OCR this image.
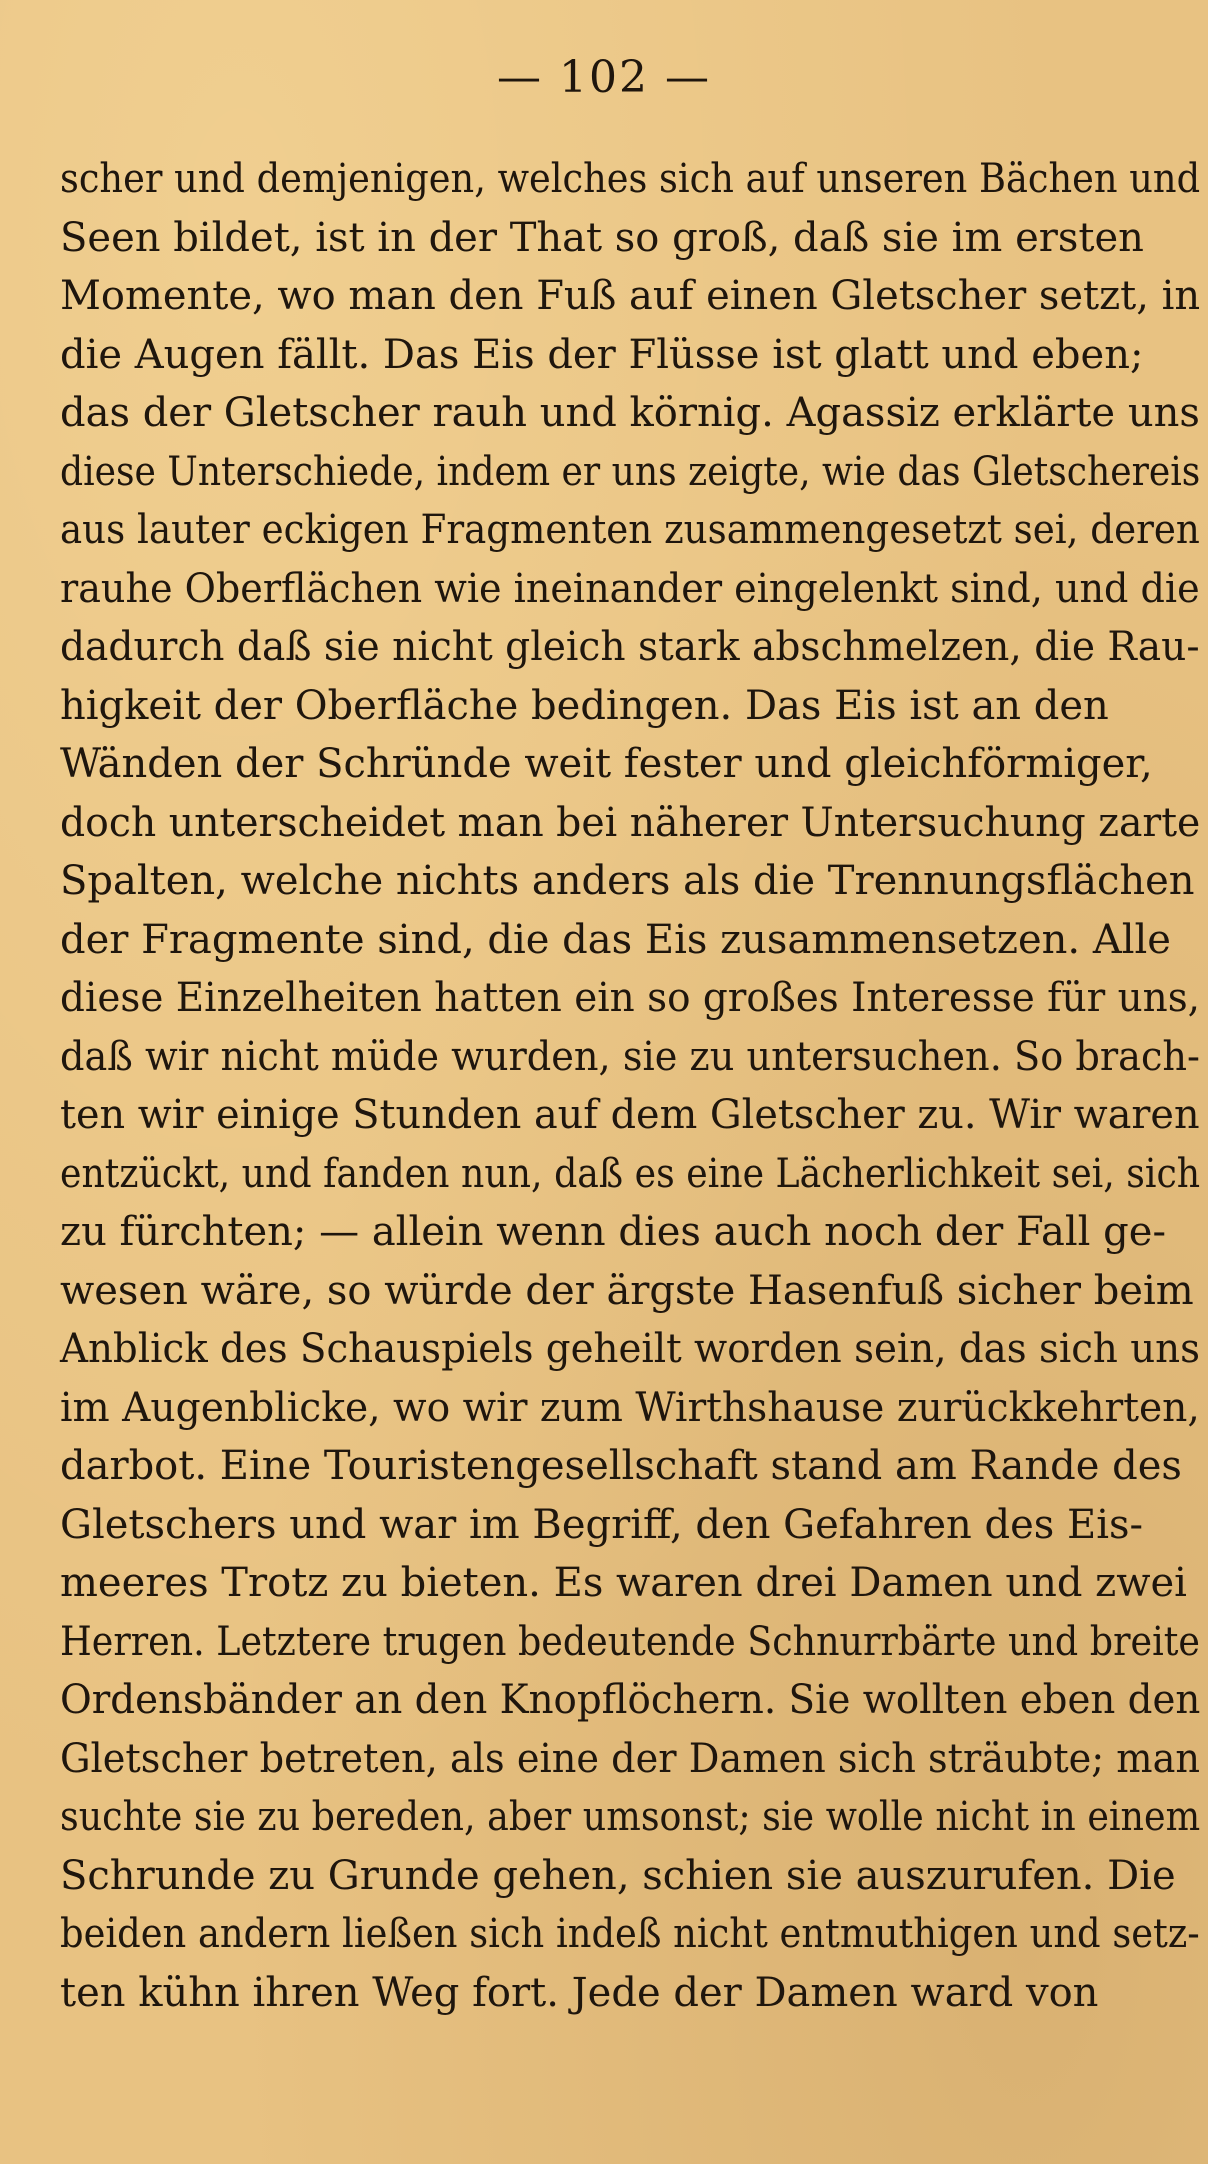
— 102 —
scher und demjenigen, welches sich auf unseren Bächen und
Seen bildet, ist in der That so groß, daß sie im ersten
Momente, wo man den Fuß auf einen Gletscher setzt, in
die Augen fällt. Das Eis der Flüsse ist glatt und eben;
das der Gletscher rauh und körnig. Agassiz erklärte uns
diese Unterschiede, indem er uns zeigte, wie das Gletschereis
aus lauter eckigen Fragmenten zusammengesetzt sei, deren
rauhe Oberflächen wie ineinander eingelenkt sind, und die
dadurch daß sie nicht gleich stark abschmelzen, die Rau-
higkeit der Oberfläche bedingen. Das Eis ist an den
Wänden der Schründe weit fester und gleichförmiger,
doch unterscheidet man bei näherer Untersuchung zarte
Spalten, welche nichts anders als die Trennungsflächen
der Fragmente sind, die das Eis zusammensetzen. Alle
diese Einzelheiten hatten ein so großes Interesse für uns,
daß wir nicht müde wurden, sie zu untersuchen. So brach-
ten wir einige Stunden auf dem Gletscher zu. Wir waren
entzückt, und fanden nun, daß es eine Lächerlichkeit sei, sich
zu fürchten; — allein wenn dies auch noch der Fall ge-
wesen wäre, so würde der ärgste Hasenfuß sicher beim
Anblick des Schauspiels geheilt worden sein, das sich uns
im Augenblicke, wo wir zum Wirthshause zurückkehrten,
darbot. Eine Touristengesellschaft stand am Rande des
Gletschers und war im Begriff, den Gefahren des Eis-
meeres Trotz zu bieten. Es waren drei Damen und zwei
Herren. Letztere trugen bedeutende Schnurrbärte und breite
Ordensbänder an den Knopflöchern. Sie wollten eben den
Gletscher betreten, als eine der Damen sich sträubte; man
suchte sie zu bereden, aber umsonst; sie wolle nicht in einem
Schrunde zu Grunde gehen, schien sie auszurufen. Die
beiden andern ließen sich indeß nicht entmuthigen und setz-
ten kühn ihren Weg fort. Jede der Damen ward von
